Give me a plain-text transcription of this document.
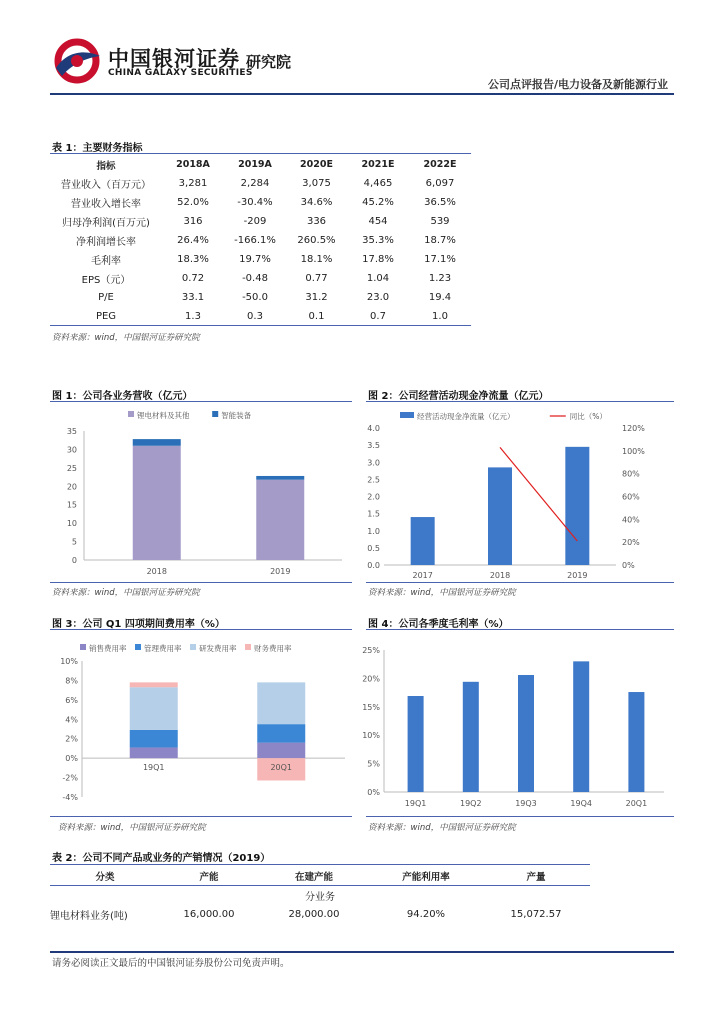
中国银河证券
CHINA GALAXY SECURITIES
研究院
公司点评报告/电力设备及新能源行业
表 1：主要财务指标
指标	2018A	2019A	2020E	2021E	2022E
营业收入（百万元）	3,281	2,284	3,075	4,465	6,097
营业收入增长率	52.0%	-30.4%	34.6%	45.2%	36.5%
归母净利润(百万元)	316	-209	336	454	539
净利润增长率	26.4%	-166.1%	260.5%	35.3%	18.7%
毛利率	18.3%	19.7%	18.1%	17.8%	17.1%
EPS（元）	0.72	-0.48	0.77	1.04	1.23
P/E	33.1	-50.0	31.2	23.0	19.4
PEG	1.3	0.3	0.1	0.7	1.0
资料来源：wind，中国银河证券研究院
图 1：公司各业务营收（亿元）
锂电材料及其他	智能装备
0
5
10
15
20
25
30
35
2018	2019
资料来源：wind，中国银河证券研究院
图 2：公司经营活动现金净流量（亿元）
经营活动现金净流量（亿元）	同比（%）
0.0
0.5
1.0
1.5
2.0
2.5
3.0
3.5
4.0
0%
20%
40%
60%
80%
100%
120%
2017	2018	2019
资料来源：wind，中国银河证券研究院
图 3：公司 Q1 四项期间费用率（%）
销售费用率 管理费用率 研发费用率 财务费用率
-4%
-2%
0%
2%
4%
6%
8%
10%
19Q1	20Q1
资料来源：wind，中国银河证券研究院
图 4：公司各季度毛利率（%）
0%
5%
10%
15%
20%
25%
19Q1	19Q2	19Q3	19Q4	20Q1
资料来源：wind，中国银河证券研究院
表 2：公司不同产品或业务的产销情况（2019）
分类	产能	在建产能	产能利用率	产量
分业务				
锂电材料业务(吨)	16,000.00	28,000.00	94.20%	15,072.57
请务必阅读正文最后的中国银河证券股份公司免责声明。
